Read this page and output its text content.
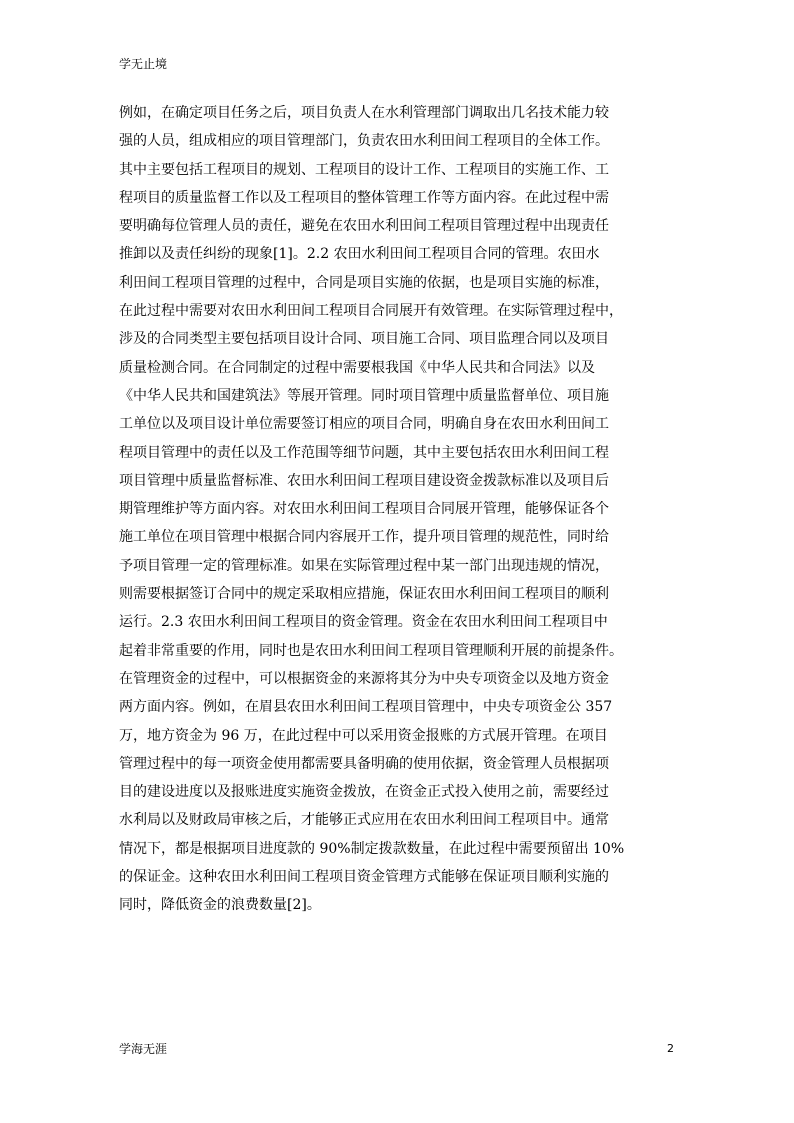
学无止境
例如，在确定项目任务之后，项目负责人在水利管理部门调取出几名技术能力较
强的人员，组成相应的项目管理部门，负责农田水利田间工程项目的全体工作。
其中主要包括工程项目的规划、工程项目的设计工作、工程项目的实施工作、工
程项目的质量监督工作以及工程项目的整体管理工作等方面内容。在此过程中需
要明确每位管理人员的责任，避免在农田水利田间工程项目管理过程中出现责任
推卸以及责任纠纷的现象[1]。2.2 农田水利田间工程项目合同的管理。农田水
利田间工程项目管理的过程中，合同是项目实施的依据，也是项目实施的标准，
在此过程中需要对农田水利田间工程项目合同展开有效管理。在实际管理过程中，
涉及的合同类型主要包括项目设计合同、项目施工合同、项目监理合同以及项目
质量检测合同。在合同制定的过程中需要根我国《中华人民共和合同法》以及
《中华人民共和国建筑法》等展开管理。同时项目管理中质量监督单位、项目施
工单位以及项目设计单位需要签订相应的项目合同，明确自身在农田水利田间工
程项目管理中的责任以及工作范围等细节问题，其中主要包括农田水利田间工程
项目管理中质量监督标准、农田水利田间工程项目建设资金拨款标准以及项目后
期管理维护等方面内容。对农田水利田间工程项目合同展开管理，能够保证各个
施工单位在项目管理中根据合同内容展开工作，提升项目管理的规范性，同时给
予项目管理一定的管理标准。如果在实际管理过程中某一部门出现违规的情况，
则需要根据签订合同中的规定采取相应措施，保证农田水利田间工程项目的顺利
运行。2.3 农田水利田间工程项目的资金管理。资金在农田水利田间工程项目中
起着非常重要的作用，同时也是农田水利田间工程项目管理顺利开展的前提条件。
在管理资金的过程中，可以根据资金的来源将其分为中央专项资金以及地方资金
两方面内容。例如，在眉县农田水利田间工程项目管理中，中央专项资金公 357
万，地方资金为 96 万，在此过程中可以采用资金报账的方式展开管理。在项目
管理过程中的每一项资金使用都需要具备明确的使用依据，资金管理人员根据项
目的建设进度以及报账进度实施资金拨放，在资金正式投入使用之前，需要经过
水利局以及财政局审核之后，才能够正式应用在农田水利田间工程项目中。通常
情况下，都是根据项目进度款的 90%制定拨款数量，在此过程中需要预留出 10%
的保证金。这种农田水利田间工程项目资金管理方式能够在保证项目顺利实施的
同时，降低资金的浪费数量[2]。
学海无涯	2
